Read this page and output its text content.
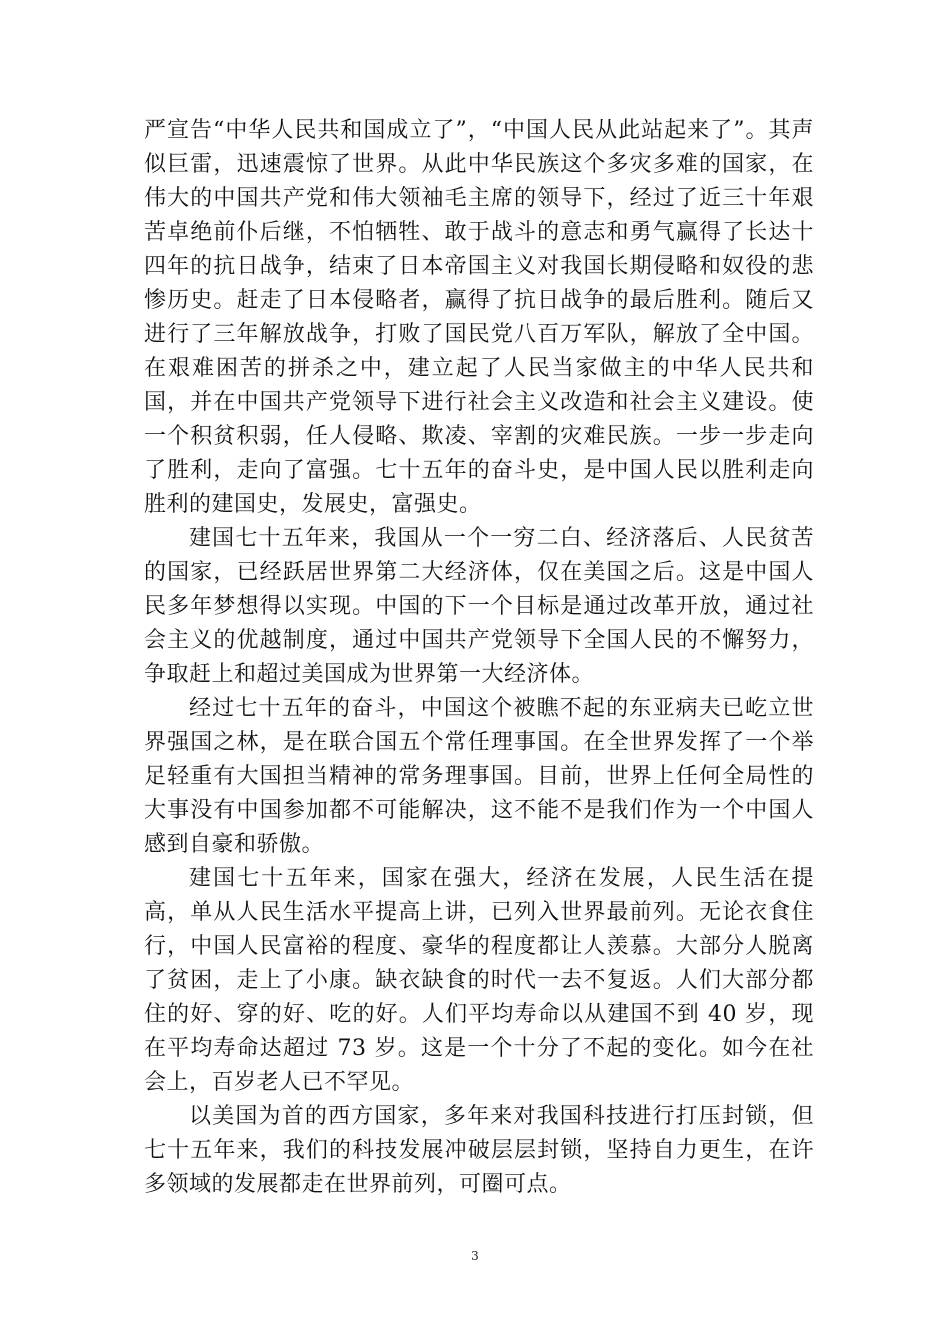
严宣告“中华人民共和国成立了”，“中国人民从此站起来了”。其声似巨雷，迅速震惊了世界。从此中华民族这个多灾多难的国家，在伟大的中国共产党和伟大领袖毛主席的领导下，经过了近三十年艰苦卓绝前仆后继，不怕牺牲、敢于战斗的意志和勇气赢得了长达十四年的抗日战争，结束了日本帝国主义对我国长期侵略和奴役的悲惨历史。赶走了日本侵略者，赢得了抗日战争的最后胜利。随后又进行了三年解放战争，打败了国民党八百万军队，解放了全中国。在艰难困苦的拼杀之中，建立起了人民当家做主的中华人民共和国，并在中国共产党领导下进行社会主义改造和社会主义建设。使一个积贫积弱，任人侵略、欺凌、宰割的灾难民族。一步一步走向了胜利，走向了富强。七十五年的奋斗史，是中国人民以胜利走向胜利的建国史，发展史，富强史。

建国七十五年来，我国从一个一穷二白、经济落后、人民贫苦的国家，已经跃居世界第二大经济体，仅在美国之后。这是中国人民多年梦想得以实现。中国的下一个目标是通过改革开放，通过社会主义的优越制度，通过中国共产党领导下全国人民的不懈努力，争取赶上和超过美国成为世界第一大经济体。

经过七十五年的奋斗，中国这个被瞧不起的东亚病夫已屹立世界强国之林，是在联合国五个常任理事国。在全世界发挥了一个举足轻重有大国担当精神的常务理事国。目前，世界上任何全局性的大事没有中国参加都不可能解决，这不能不是我们作为一个中国人感到自豪和骄傲。

建国七十五年来，国家在强大，经济在发展，人民生活在提高，单从人民生活水平提高上讲，已列入世界最前列。无论衣食住行，中国人民富裕的程度、豪华的程度都让人羡慕。大部分人脱离了贫困，走上了小康。缺衣缺食的时代一去不复返。人们大部分都住的好、穿的好、吃的好。人们平均寿命以从建国不到 40 岁，现在平均寿命达超过 73 岁。这是一个十分了不起的变化。如今在社会上，百岁老人已不罕见。

以美国为首的西方国家，多年来对我国科技进行打压封锁，但七十五年来，我们的科技发展冲破层层封锁，坚持自力更生，在许多领域的发展都走在世界前列，可圈可点。

3
